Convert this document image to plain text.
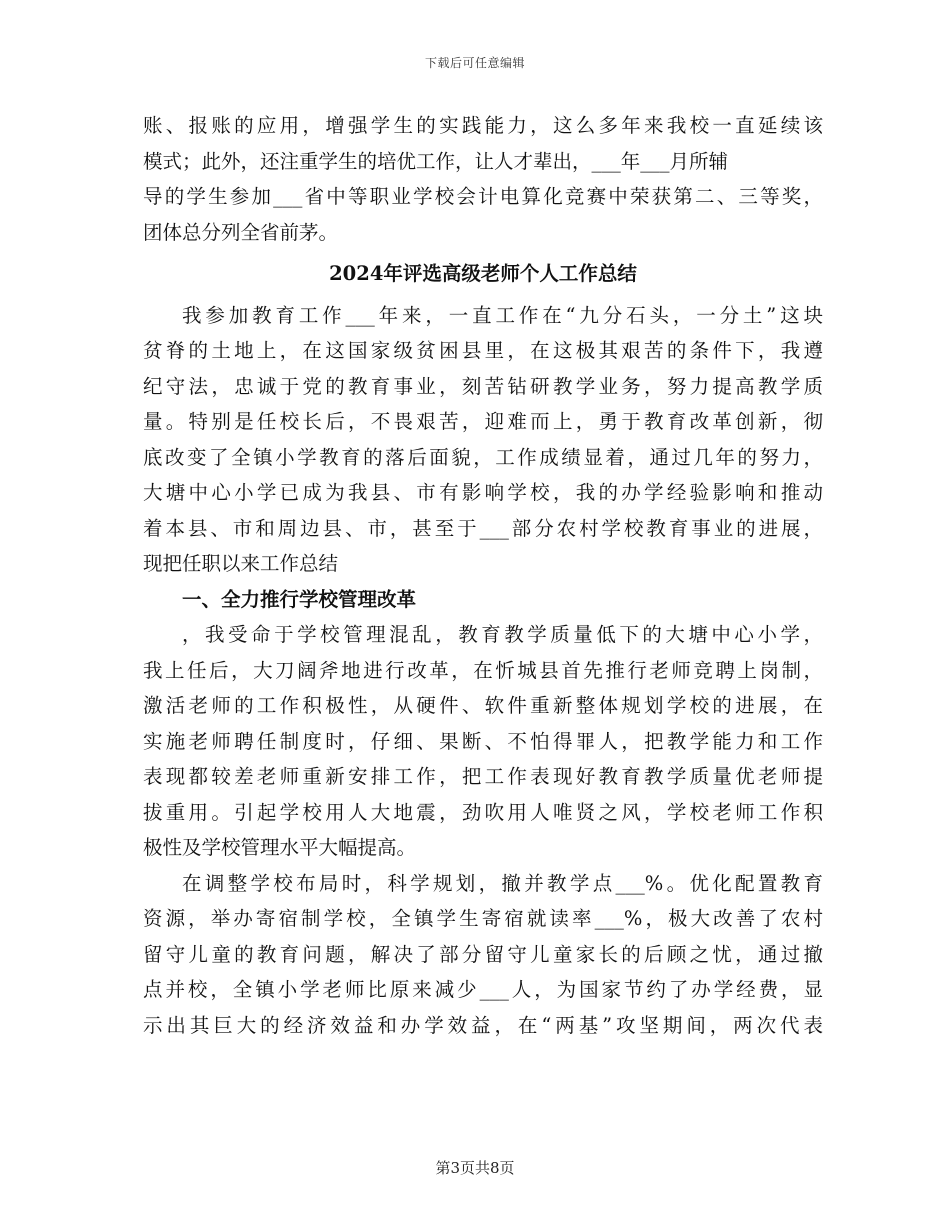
下载后可任意编辑
账、报账的应用，增强学生的实践能力，这么多年来我校一直延续该
模式；此外，还注重学生的培优工作，让人才辈出，___年___月所辅
导的学生参加___省中等职业学校会计电算化竞赛中荣获第二、三等奖，
团体总分列全省前茅。
2024年评选高级老师个人工作总结
我参加教育工作___年来，一直工作在“九分石头，一分土”这块
贫脊的土地上，在这国家级贫困县里，在这极其艰苦的条件下，我遵
纪守法，忠诚于党的教育事业，刻苦钻研教学业务，努力提高教学质
量。特别是任校长后，不畏艰苦，迎难而上，勇于教育改革创新，彻
底改变了全镇小学教育的落后面貌，工作成绩显着，通过几年的努力，
大塘中心小学已成为我县、市有影响学校，我的办学经验影响和推动
着本县、市和周边县、市，甚至于___部分农村学校教育事业的进展，
现把任职以来工作总结
一、全力推行学校管理改革
，我受命于学校管理混乱，教育教学质量低下的大塘中心小学，
我上任后，大刀阔斧地进行改革，在忻城县首先推行老师竞聘上岗制，
激活老师的工作积极性，从硬件、软件重新整体规划学校的进展，在
实施老师聘任制度时，仔细、果断、不怕得罪人，把教学能力和工作
表现都较差老师重新安排工作，把工作表现好教育教学质量优老师提
拔重用。引起学校用人大地震，劲吹用人唯贤之风，学校老师工作积
极性及学校管理水平大幅提高。
在调整学校布局时，科学规划，撤并教学点___%。优化配置教育
资源，举办寄宿制学校，全镇学生寄宿就读率___%，极大改善了农村
留守儿童的教育问题，解决了部分留守儿童家长的后顾之忧，通过撤
点并校，全镇小学老师比原来减少___人，为国家节约了办学经费，显
示出其巨大的经济效益和办学效益，在“两基”攻坚期间，两次代表
第3页共8页
